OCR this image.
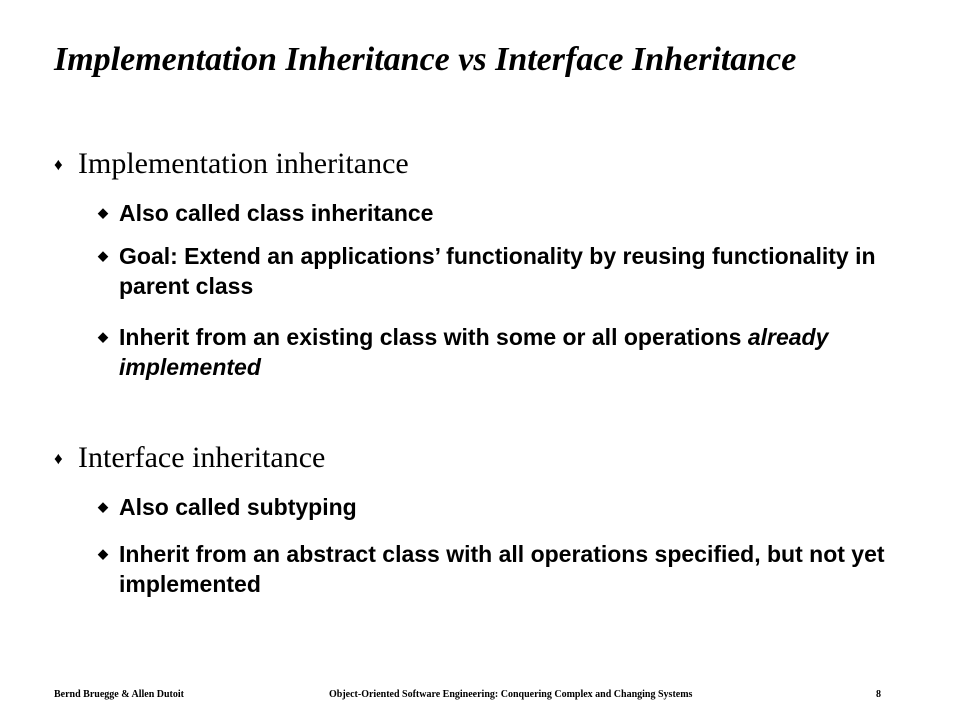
Implementation Inheritance vs Interface Inheritance
♦ Implementation inheritance
◆ Also called class inheritance
◆ Goal: Extend an applications’ functionality by reusing functionality in parent class
◆ Inherit from an existing class with some or all operations already implemented
♦ Interface inheritance
◆ Also called subtyping
◆ Inherit from an abstract class with all operations specified, but not yet implemented
Bernd Bruegge & Allen Dutoit	Object-Oriented Software Engineering: Conquering Complex and Changing Systems	8
